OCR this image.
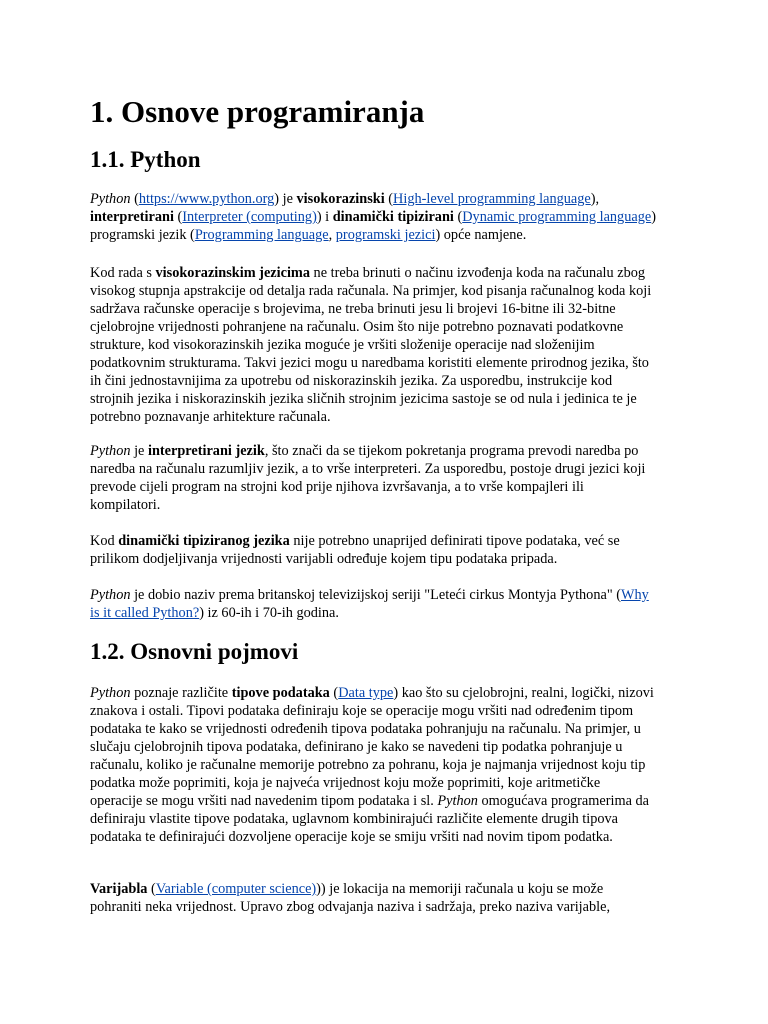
1. Osnove programiranja
1.1. Python

Python (https://www.python.org) je visokorazinski (High-level programming language), interpretirani (Interpreter (computing)) i dinamički tipizirani (Dynamic programming language) programski jezik (Programming language, programski jezici) opće namjene.

Kod rada s visokorazinskim jezicima ne treba brinuti o načinu izvođenja koda na računalu zbog visokog stupnja apstrakcije od detalja rada računala. Na primjer, kod pisanja računalnog koda koji sadržava računske operacije s brojevima, ne treba brinuti jesu li brojevi 16-bitne ili 32-bitne cjelobrojne vrijednosti pohranjene na računalu. Osim što nije potrebno poznavati podatkovne strukture, kod visokorazinskih jezika moguće je vršiti složenije operacije nad složenijim podatkovnim strukturama. Takvi jezici mogu u naredbama koristiti elemente prirodnog jezika, što ih čini jednostavnijima za upotrebu od niskorazinskih jezika. Za usporedbu, instrukcije kod strojnih jezika i niskorazinskih jezika sličnih strojnim jezicima sastoje se od nula i jedinica te je potrebno poznavanje arhitekture računala.

Python je interpretirani jezik, što znači da se tijekom pokretanja programa prevodi naredba po naredba na računalu razumljiv jezik, a to vrše interpreteri. Za usporedbu, postoje drugi jezici koji prevode cijeli program na strojni kod prije njihova izvršavanja, a to vrše kompajleri ili kompilatori.

Kod dinamički tipiziranog jezika nije potrebno unaprijed definirati tipove podataka, već se prilikom dodjeljivanja vrijednosti varijabli određuje kojem tipu podataka pripada.

Python je dobio naziv prema britanskoj televizijskoj seriji "Leteći cirkus Montyja Pythona" (Why is it called Python?) iz 60-ih i 70-ih godina.

1.2. Osnovni pojmovi

Python poznaje različite tipove podataka (Data type) kao što su cjelobrojni, realni, logički, nizovi znakova i ostali. Tipovi podataka definiraju koje se operacije mogu vršiti nad određenim tipom podataka te kako se vrijednosti određenih tipova podataka pohranjuju na računalu. Na primjer, u slučaju cjelobrojnih tipova podataka, definirano je kako se navedeni tip podatka pohranjuje u računalu, koliko je računalne memorije potrebno za pohranu, koja je najmanja vrijednost koju tip podatka može poprimiti, koja je najveća vrijednost koju može poprimiti, koje aritmetičke operacije se mogu vršiti nad navedenim tipom podataka i sl. Python omogućava programerima da definiraju vlastite tipove podataka, uglavnom kombinirajući različite elemente drugih tipova podataka te definirajući dozvoljene operacije koje se smiju vršiti nad novim tipom podatka.

Varijabla (Variable (computer science))) je lokacija na memoriji računala u koju se može pohraniti neka vrijednost. Upravo zbog odvajanja naziva i sadržaja, preko naziva varijable,
